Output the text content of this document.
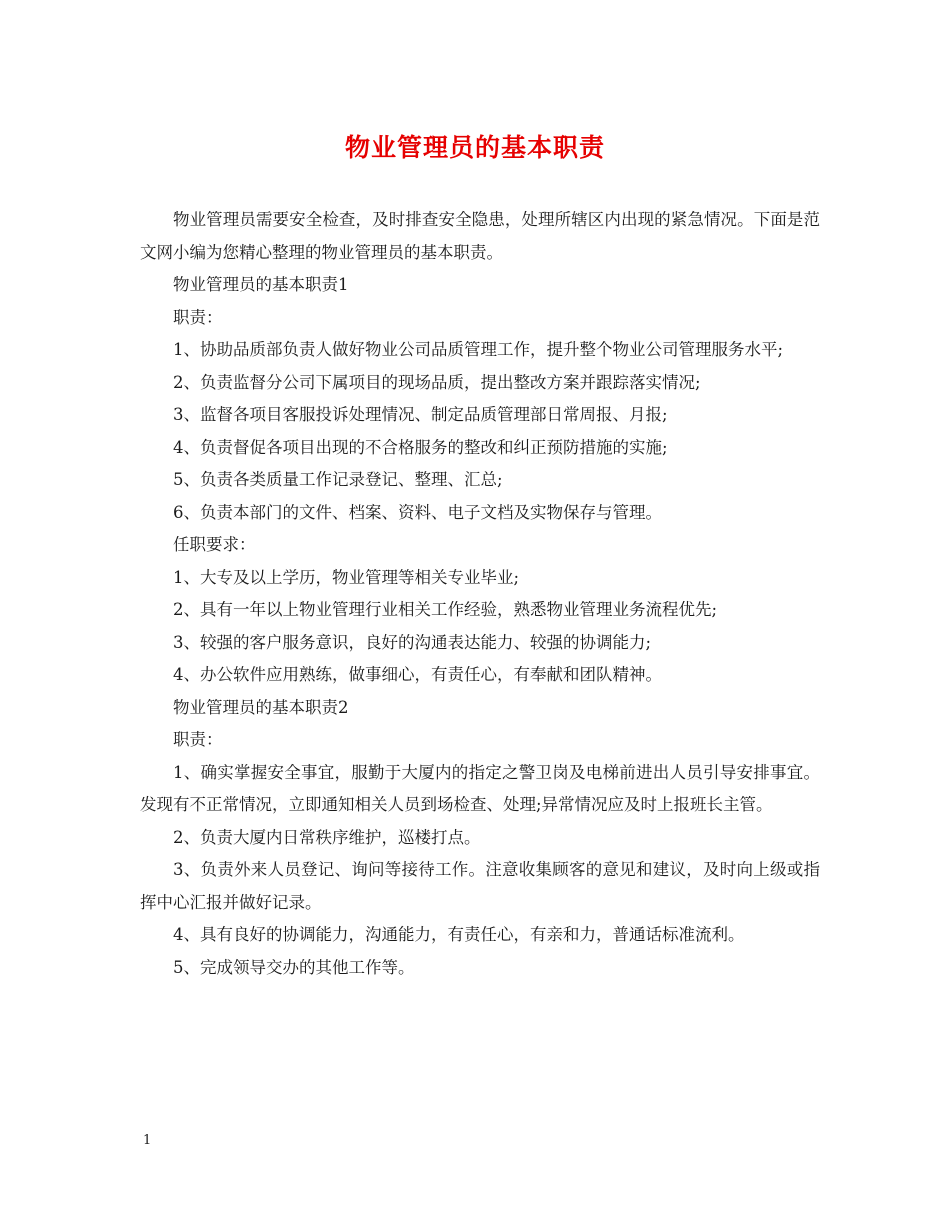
物业管理员的基本职责

物业管理员需要安全检查，及时排查安全隐患，处理所辖区内出现的紧急情况。下面是范文网小编为您精心整理的物业管理员的基本职责。

物业管理员的基本职责1

职责：

1、协助品质部负责人做好物业公司品质管理工作，提升整个物业公司管理服务水平;

2、负责监督分公司下属项目的现场品质，提出整改方案并跟踪落实情况;

3、监督各项目客服投诉处理情况、制定品质管理部日常周报、月报;

4、负责督促各项目出现的不合格服务的整改和纠正预防措施的实施;

5、负责各类质量工作记录登记、整理、汇总;

6、负责本部门的文件、档案、资料、电子文档及实物保存与管理。

任职要求：

1、大专及以上学历，物业管理等相关专业毕业;

2、具有一年以上物业管理行业相关工作经验，熟悉物业管理业务流程优先;

3、较强的客户服务意识，良好的沟通表达能力、较强的协调能力;

4、办公软件应用熟练，做事细心，有责任心，有奉献和团队精神。

物业管理员的基本职责2

职责：

1、确实掌握安全事宜，服勤于大厦内的指定之警卫岗及电梯前进出人员引导安排事宜。发现有不正常情况，立即通知相关人员到场检查、处理;异常情况应及时上报班长主管。

2、负责大厦内日常秩序维护，巡楼打点。

3、负责外来人员登记、询问等接待工作。注意收集顾客的意见和建议，及时向上级或指挥中心汇报并做好记录。

4、具有良好的协调能力，沟通能力，有责任心，有亲和力，普通话标准流利。

5、完成领导交办的其他工作等。

1
